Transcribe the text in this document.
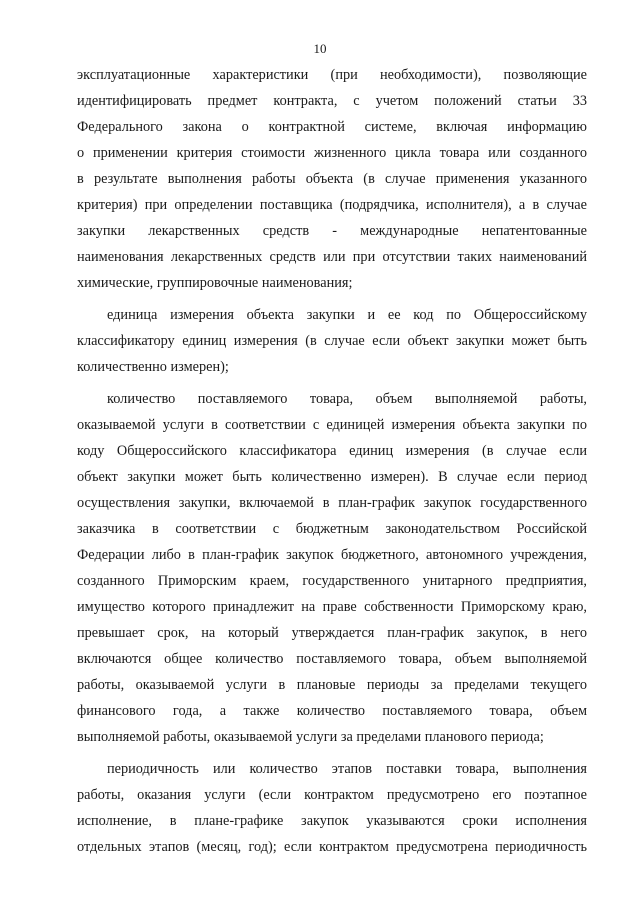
10
эксплуатационные характеристики (при необходимости), позволяющие
идентифицировать предмет контракта, с учетом положений статьи 33
Федерального закона о контрактной системе, включая информацию
о применении критерия стоимости жизненного цикла товара или созданного
в результате выполнения работы объекта (в случае применения указанного
критерия) при определении поставщика (подрядчика, исполнителя), а в случае
закупки лекарственных средств - международные непатентованные
наименования лекарственных средств или при отсутствии таких наименований
химические, группировочные наименования;
единица измерения объекта закупки и ее код по Общероссийскому
классификатору единиц измерения (в случае если объект закупки может быть
количественно измерен);
количество поставляемого товара, объем выполняемой работы,
оказываемой услуги в соответствии с единицей измерения объекта закупки по
коду Общероссийского классификатора единиц измерения (в случае если
объект закупки может быть количественно измерен). В случае если период
осуществления закупки, включаемой в план-график закупок государственного
заказчика в соответствии с бюджетным законодательством Российской
Федерации либо в план-график закупок бюджетного, автономного учреждения,
созданного Приморским краем, государственного унитарного предприятия,
имущество которого принадлежит на праве собственности Приморскому краю,
превышает срок, на который утверждается план-график закупок, в него
включаются общее количество поставляемого товара, объем выполняемой
работы, оказываемой услуги в плановые периоды за пределами текущего
финансового года, а также количество поставляемого товара, объем
выполняемой работы, оказываемой услуги за пределами планового периода;
периодичность или количество этапов поставки товара, выполнения
работы, оказания услуги (если контрактом предусмотрено его поэтапное
исполнение, в плане-графике закупок указываются сроки исполнения
отдельных этапов (месяц, год); если контрактом предусмотрена периодичность
